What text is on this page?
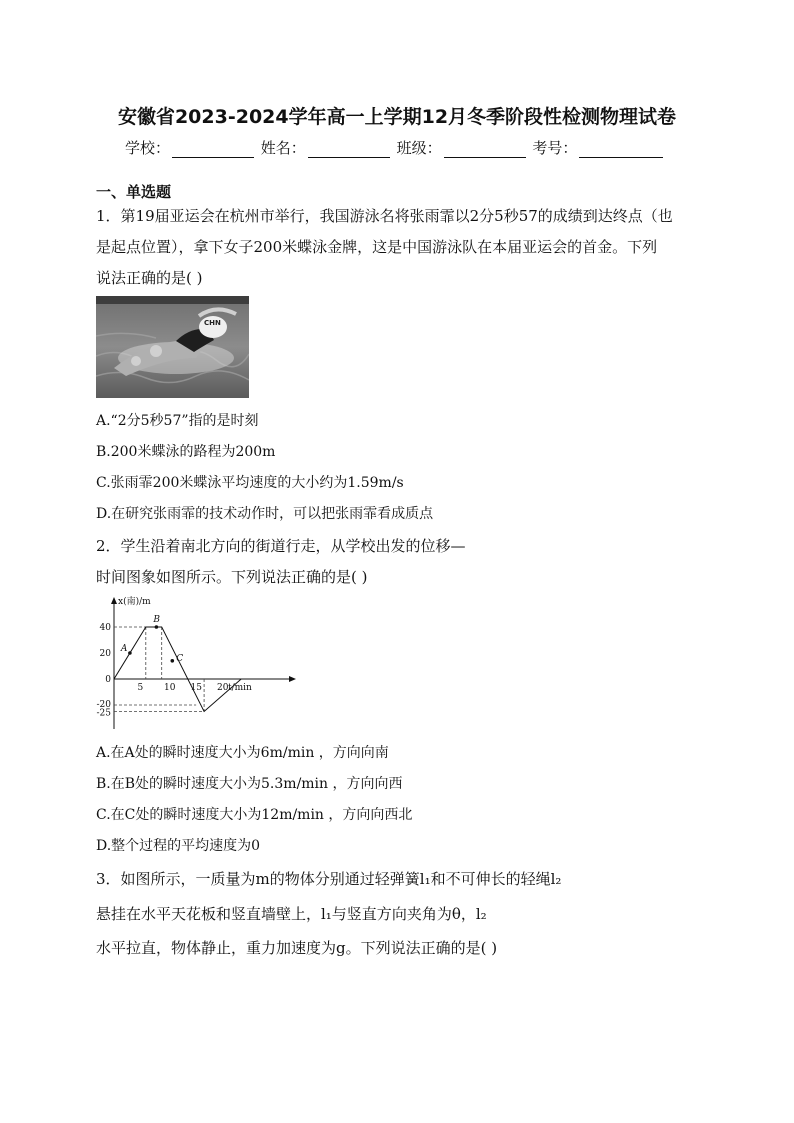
安徽省2023-2024学年高一上学期12月冬季阶段性检测物理试卷
学校：	姓名：	班级：	考号：
一、单选题
1．第19届亚运会在杭州市举行，我国游泳名将张雨霏以2分5秒57的成绩到达终点（也
是起点位置），拿下女子200米蝶泳金牌，这是中国游泳队在本届亚运会的首金。下列
说法正确的是( )
CHN
A.“2分5秒57”指的是时刻
B.200米蝶泳的路程为200m
C.张雨霏200米蝶泳平均速度的大小约为1.59m/s
D.在研究张雨霏的技术动作时，可以把张雨霏看成质点
2．学生沿着南北方向的街道行走，从学校出发的位移—
时间图象如图所示。下列说法正确的是( )
x(南)/m
t/min
5 10 15 20
40
20
0
-20
-25
A
B
C
A.在A处的瞬时速度大小为6m/min ，方向向南
B.在B处的瞬时速度大小为5.3m/min ，方向向西
C.在C处的瞬时速度大小为12m/min ，方向向西北
D.整个过程的平均速度为0
3．如图所示，一质量为m的物体分别通过轻弹簧l₁和不可伸长的轻绳l₂
悬挂在水平天花板和竖直墙壁上，l₁与竖直方向夹角为θ，l₂
水平拉直，物体静止，重力加速度为g。下列说法正确的是( )
